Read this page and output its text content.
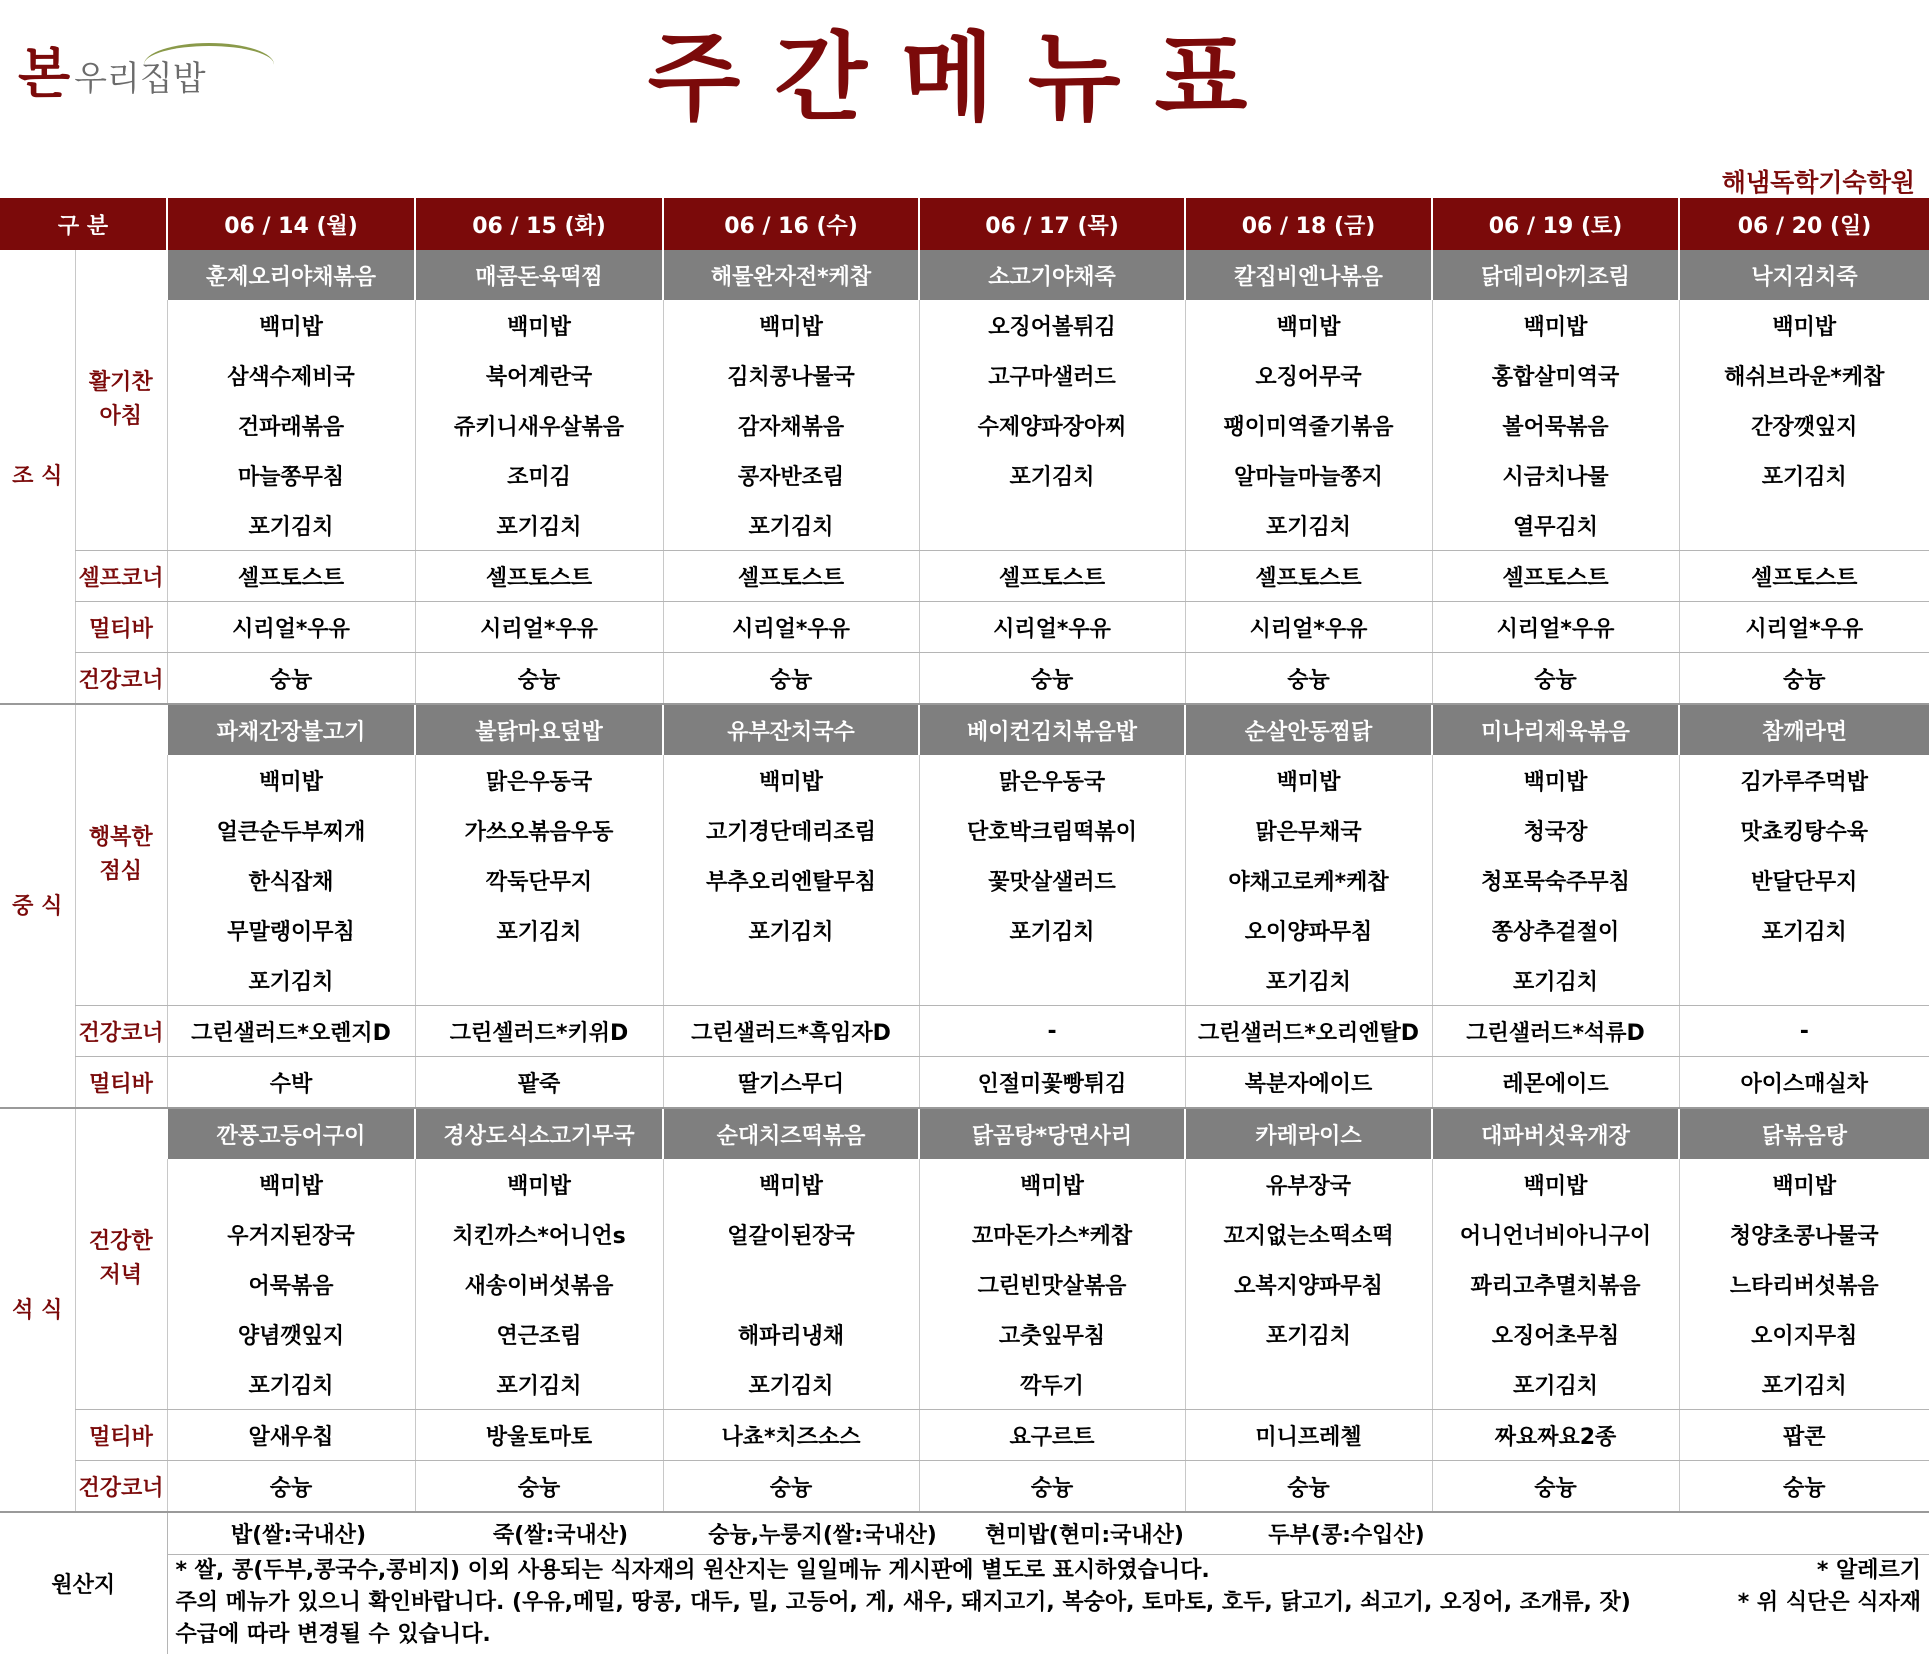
본 우리집밥	주간메뉴표
해냄독학기숙학원
구 분		06 / 14 (월)	06 / 15 (화)	06 / 16 (수)	06 / 17 (목)	06 / 18 (금)	06 / 19 (토)	06 / 20 (일)
조 식	활기찬 아침	훈제오리야채볶음	매콤돈육떡찜	해물완자전*케찹	소고기야채죽	칼집비엔나볶음	닭데리야끼조림	낙지김치죽
		백미밥	백미밥	백미밥	오징어볼튀김	백미밥	백미밥	백미밥
		삼색수제비국	북어계란국	김치콩나물국	고구마샐러드	오징어무국	홍합살미역국	해쉬브라운*케찹
		건파래볶음	쥬키니새우살볶음	감자채볶음	수제양파장아찌	팽이미역줄기볶음	볼어묵볶음	간장깻잎지
		마늘쫑무침	조미김	콩자반조림	포기김치	알마늘마늘쫑지	시금치나물	포기김치
		포기김치	포기김치	포기김치		포기김치	열무김치	
	셀프코너	셀프토스트	셀프토스트	셀프토스트	셀프토스트	셀프토스트	셀프토스트	셀프토스트
	멀티바	시리얼*우유	시리얼*우유	시리얼*우유	시리얼*우유	시리얼*우유	시리얼*우유	시리얼*우유
	건강코너	숭늉	숭늉	숭늉	숭늉	숭늉	숭늉	숭늉
중 식	행복한 점심	파채간장불고기	불닭마요덮밥	유부잔치국수	베이컨김치볶음밥	순살안동찜닭	미나리제육볶음	참깨라면
		백미밥	맑은우동국	백미밥	맑은우동국	백미밥	백미밥	김가루주먹밥
		얼큰순두부찌개	가쓰오볶음우동	고기경단데리조림	단호박크림떡볶이	맑은무채국	청국장	맛쵸킹탕수육
		한식잡채	깍둑단무지	부추오리엔탈무침	꽃맛살샐러드	야채고로케*케찹	청포묵숙주무침	반달단무지
		무말랭이무침	포기김치	포기김치	포기김치	오이양파무침	쫑상추겉절이	포기김치
		포기김치				포기김치	포기김치	
	건강코너	그린샐러드*오렌지D	그린셀러드*키위D	그린샐러드*흑임자D	-	그린샐러드*오리엔탈D	그린샐러드*석류D	-
	멀티바	수박	팥죽	딸기스무디	인절미꽃빵튀김	복분자에이드	레몬에이드	아이스매실차
석 식	건강한 저녁	깐풍고등어구이	경상도식소고기무국	순대치즈떡볶음	닭곰탕*당면사리	카레라이스	대파버섯육개장	닭볶음탕
		백미밥	백미밥	백미밥	백미밥	유부장국	백미밥	백미밥
		우거지된장국	치킨까스*어니언s	얼갈이된장국	꼬마돈가스*케찹	꼬지없는소떡소떡	어니언너비아니구이	청양초콩나물국
		어묵볶음	새송이버섯볶음		그린빈맛살볶음	오복지양파무침	꽈리고추멸치볶음	느타리버섯볶음
		양념깻잎지	연근조림	해파리냉채	고춧잎무침	포기김치	오징어초무침	오이지무침
		포기김치	포기김치	포기김치	깍두기		포기김치	포기김치
	멀티바	알새우칩	방울토마토	나쵸*치즈소스	요구르트	미니프레첼	짜요짜요2종	팝콘
	건강코너	숭늉	숭늉	숭늉	숭늉	숭늉	숭늉	숭늉
원산지		밥(쌀:국내산) 죽(쌀:국내산) 숭늉,누룽지(쌀:국내산) 현미밥(현미:국내산) 두부(콩:수입산)						

		* 쌀, 콩(두부,콩국수,콩비지) 이외 사용되는 식자재의 원산지는 일일메뉴 게시판에 별도로 표시하였습니다.
주의 메뉴가 있으니 확인바랍니다. (우유,메밀, 땅콩, 대두, 밀, 고등어, 게, 새우, 돼지고기, 복숭아, 토마토, 호두, 닭고기, 쇠고기, 오징어, 조개류, 잣)
수급에 따라 변경될 수 있습니다.
* 알레르기
* 위 식단은 식자재						
